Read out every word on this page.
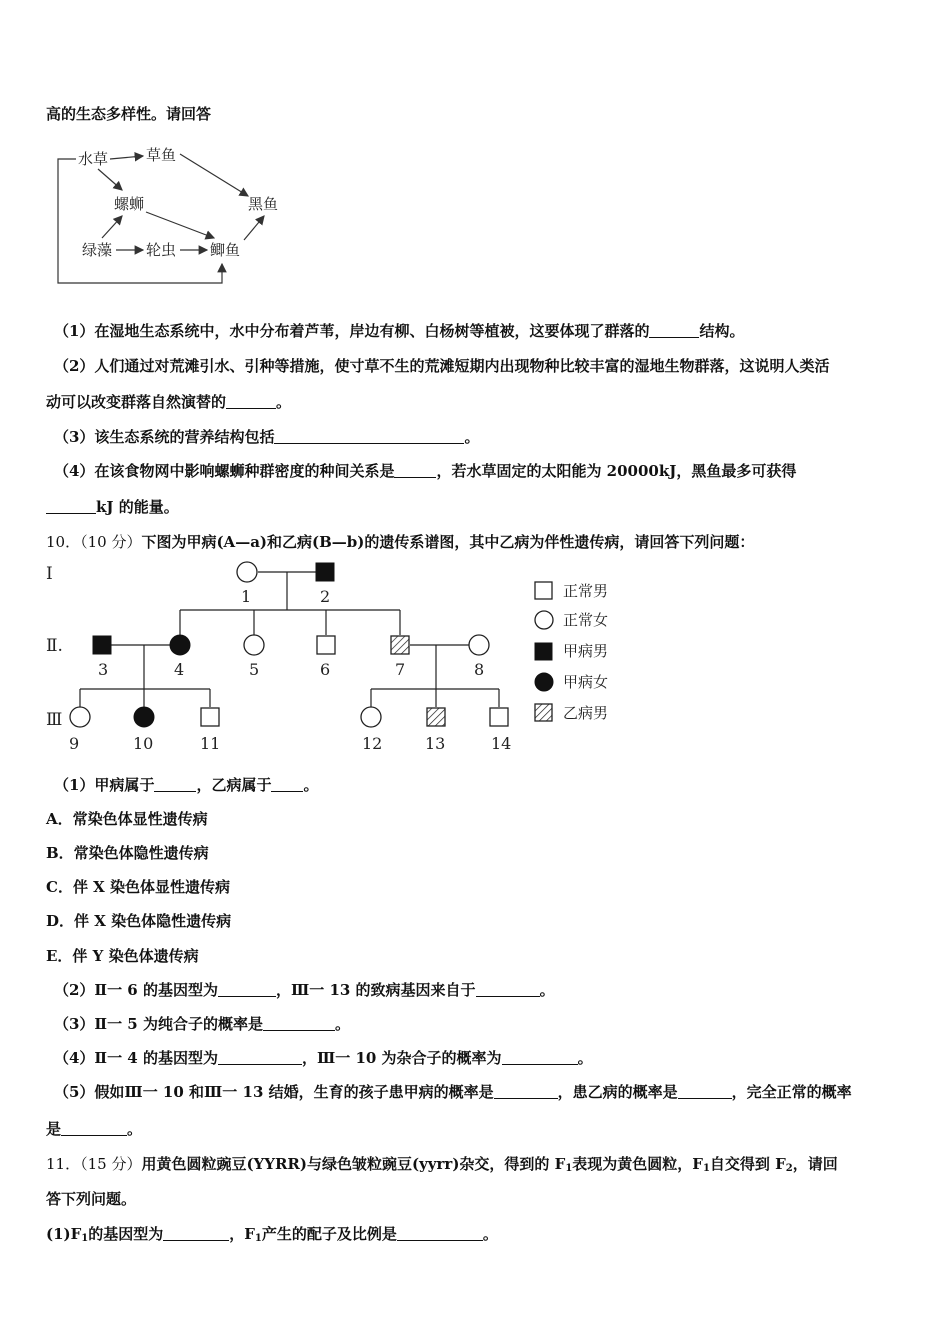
高的生态多样性。请回答
水草	草鱼
螺蛳	黑鱼
绿藻 轮虫 鲫鱼
（1）在湿地生态系统中，水中分布着芦苇，岸边有柳、白杨树等植被，这要体现了群落的	结构。
（2）人们通过对荒滩引水、引种等措施，使寸草不生的荒滩短期内出现物种比较丰富的湿地生物群落，这说明人类活
动可以改变群落自然演替的	。
（3）该生态系统的营养结构包括	。
（4）在该食物网中影响螺蛳种群密度的种间关系是	，若水草固定的太阳能为 20000kJ，黑鱼最多可获得
kJ 的能量。
10．（10 分）下图为甲病(A—a)和乙病(B—b)的遗传系谱图，其中乙病为伴性遗传病，请回答下列问题：
Ⅰ
Ⅱ.
Ⅲ
1	2
3	4	5	6	7	8
9	10	11	12	13	14
正常男
正常女
甲病男
甲病女
乙病男
（1）甲病属于	，乙病属于 。
A．常染色体显性遗传病
B．常染色体隐性遗传病
C．伴 X 染色体显性遗传病
D．伴 X 染色体隐性遗传病
E．伴 Y 染色体遗传病
（2）Ⅱ一 6 的基因型为	，Ⅲ一 13 的致病基因来自于	。
（3）Ⅱ一 5 为纯合子的概率是	。
（4）Ⅱ一 4 的基因型为	，Ⅲ一 10 为杂合子的概率为	。
（5）假如Ⅲ一 10 和Ⅲ一 13 结婚，生育的孩子患甲病的概率是	，患乙病的概率是	，完全正常的概率
是	。
11．（15 分）用黄色圆粒豌豆(YYRR)与绿色皱粒豌豆(yyrr)杂交，得到的 $F_1$表现为黄色圆粒，$F_1$自交得到 $F_2$，请回
答下列问题。
$(1)F_1$的基因型为	，$F_1$产生的配子及比例是	。
